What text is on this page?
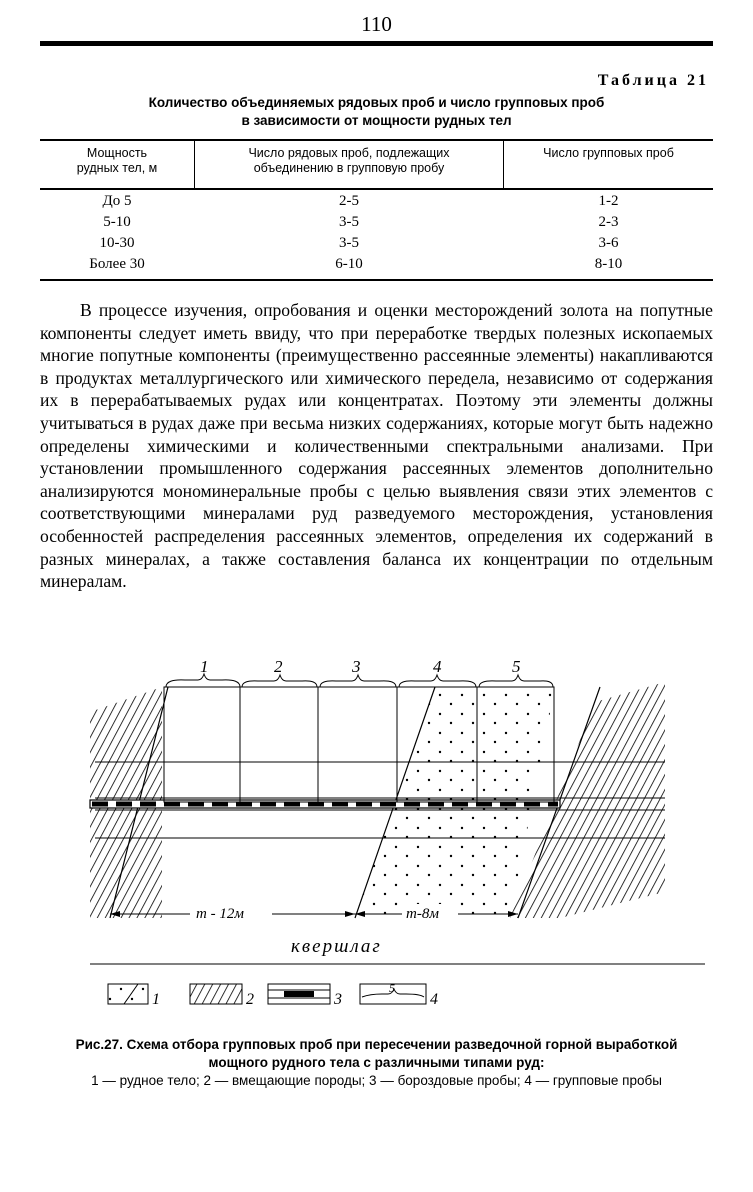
110
Таблица 21
Количество объединяемых рядовых проб и число групповых проб
в зависимости от мощности рудных тел
Мощность
рудных тел, м
Число рядовых проб, подлежащих
объединению в групповую пробу
Число групповых проб
До 5	2-5	1-2
5-10	3-5	2-3
10-30	3-5	3-6
Более 30	6-10	8-10

В процессе изучения, опробования и оценки месторождений золота на попутные компоненты следует иметь ввиду, что при переработке твердых полезных ископаемых многие попутные компоненты (преимущественно рассеянные элементы) накапливаются в продуктах металлургического или химического передела, независимо от содержания их в перерабатываемых рудах или концентратах. Поэтому эти элементы должны учитываться в рудах даже при весьма низких содержаниях, которые могут быть надежно определены химическими и количественными спектральными анализами. При установлении промышленного содержания рассеянных элементов дополнительно анализируются мономинеральные пробы с целью выявления связи этих элементов с соответствующими минералами руд разведуемого месторождения, установления особенностей распределения рассеянных элементов, определения их содержаний в разных минералах, а также составления баланса их концентрации по отдельным минералам.

1	2	3	4	5
m - 12м	m-8м
квершлаг
1	2	3
5
4
Рис.27. Схема отбора групповых проб при пересечении разведочной горной выработкой
мощного рудного тела с различными типами руд:
1 — рудное тело; 2 — вмещающие породы; 3 — бороздовые пробы; 4 — групповые пробы
